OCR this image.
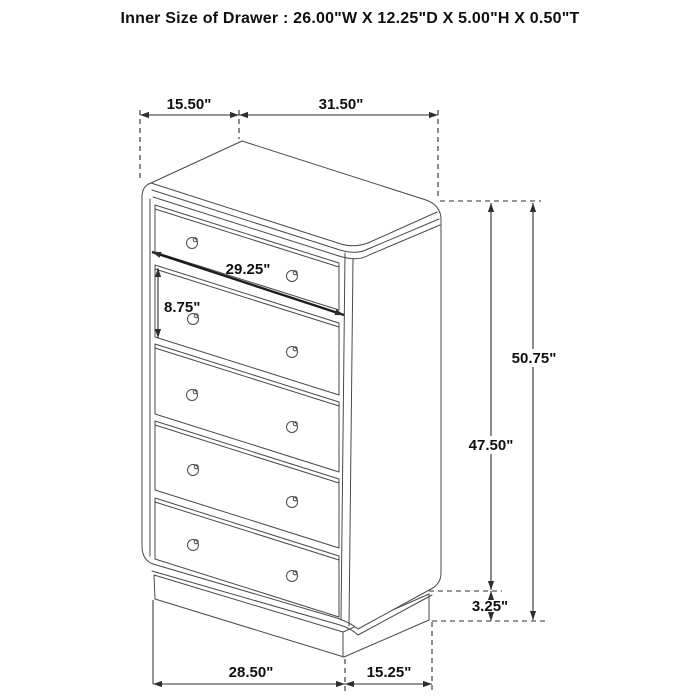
Inner Size of Drawer : 26.00"W X 12.25"D X 5.00"H X 0.50"T
15.50"	31.50"
29.25"
8.75"
47.50"
50.75"
3.25"
28.50"	15.25"
